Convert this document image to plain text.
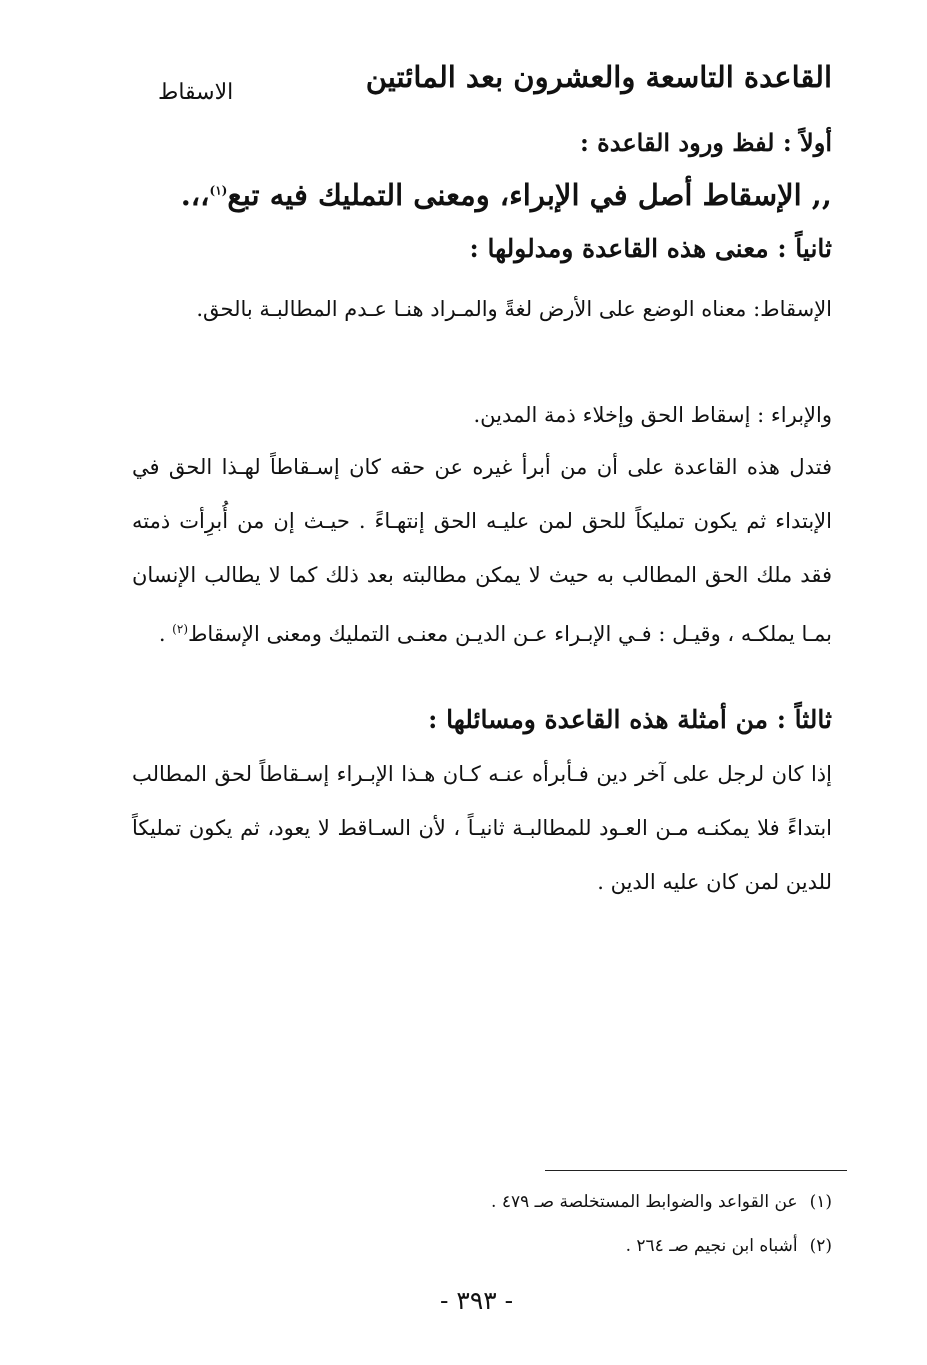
القاعدة التاسعة والعشرون بعد المائتين
الاسقاط
أولاً : لفظ ورود القاعدة :
,, الإسقاط أصل في الإبراء، ومعنى التمليك فيه تبع$^{(١)}$،،.
ثانياً : معنى هذه القاعدة ومدلولها :
الإسقاط: معناه الوضع على الأرض لغةً والمـراد هنـا عـدم المطالبـة بالحق.
والإبراء : إسقاط الحق وإخلاء ذمة المدين.
فتدل هذه القاعدة على أن من أبرأ غيره عن حقه كان إسـقاطاً لهـذا الحق في الإبتداء ثم يكون تمليكاً للحق لمن عليـه الحق إنتهـاءً . حيـث إن من أُبرِأت ذمته فقد ملك الحق المطالب به حيث لا يمكن مطالبته بعد ذلك كما لا يطالب الإنسان بمـا يملكـه ، وقيـل : فـي الإبـراء عـن الديـن معنـى التمليك ومعنى الإسقاط$^{(٢)}$ .
ثالثاً : من أمثلة هذه القاعدة ومسائلها :
إذا كان لرجل على آخر دين فـأبرأه عنـه كـان هـذا الإبـراء إسـقاطاً لحق المطالب ابتداءً فلا يمكنـه مـن العـود للمطالبـة ثانيـاً ، لأن السـاقط لا يعود، ثم يكون تمليكاً للدين لمن كان عليه الدين .
(١)عن القواعد والضوابط المستخلصة صـ ٤٧٩ .
(٢)أشباه ابن نجيم صـ ٢٦٤ .
- ٣٩٣ -
